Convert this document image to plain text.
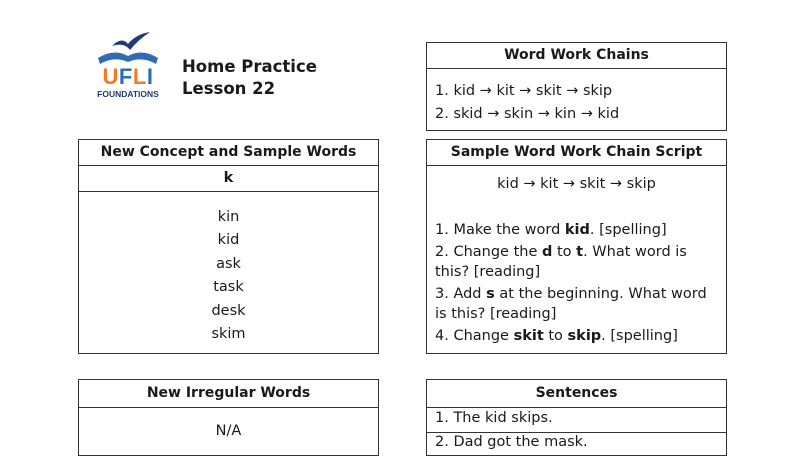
UFLI
FOUNDATIONS
Home Practice
Lesson 22
Word Work Chains
1. kid → kit → skit → skip
2. skid → skin → kin → kid
New Concept and Sample Words
k
kin
kid
ask
task
desk
skim
Sample Word Work Chain Script
kid → kit → skit → skip
1. Make the word kid. [spelling]
2. Change the d to t. What word is this? [reading]
3. Add s at the beginning. What word is this? [reading]
4. Change skit to skip. [spelling]
New Irregular Words
N/A
Sentences
1. The kid skips.
2. Dad got the mask.
